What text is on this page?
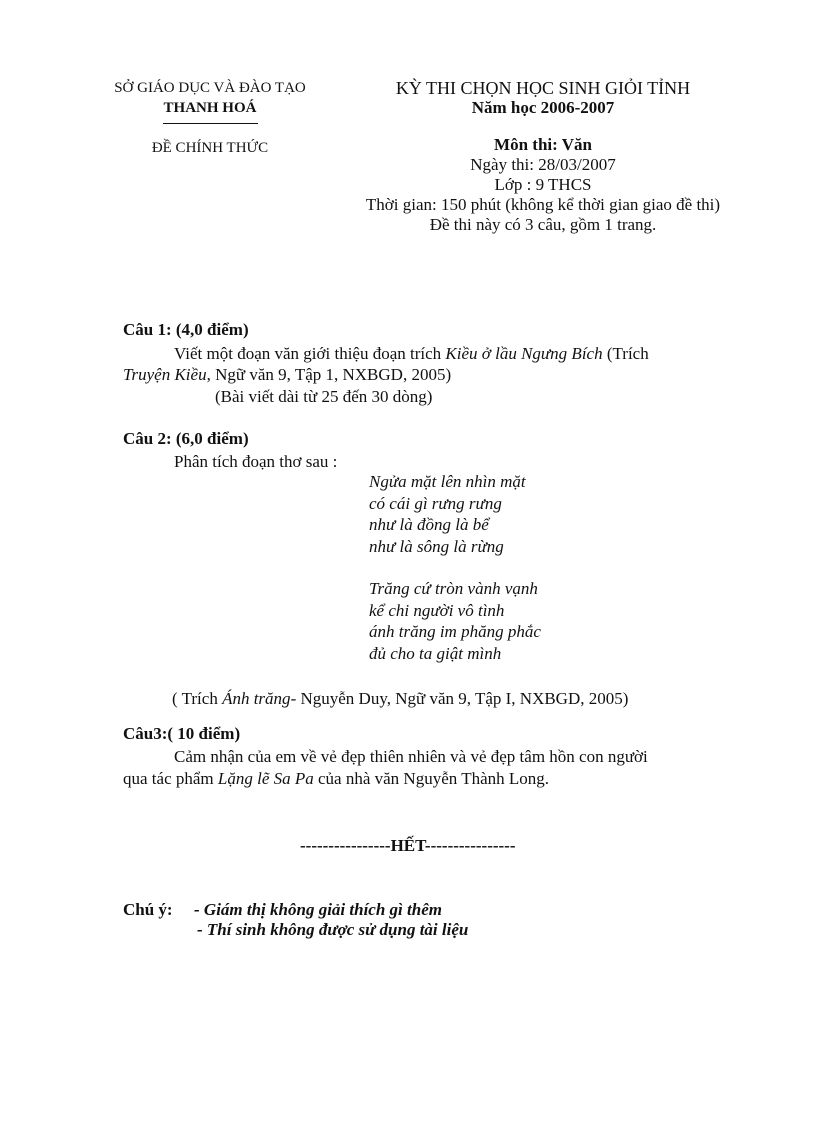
SỞ GIÁO DỤC VÀ ĐÀO TẠO
THANH HOÁ
ĐỀ CHÍNH THỨC
KỲ THI CHỌN HỌC SINH GIỎI TỈNH
Năm học 2006-2007
Môn thi: Văn
Ngày thi: 28/03/2007
Lớp : 9 THCS
Thời gian: 150 phút (không kể thời gian giao đề thi)
Đề thi này có 3 câu, gồm 1 trang.
Câu 1: (4,0 điểm)
Viết một đoạn văn giới thiệu đoạn trích Kiều ở lầu Ngưng Bích (Trích
Truyện Kiều, Ngữ văn 9, Tập 1, NXBGD, 2005)
(Bài viết dài từ 25 đến 30 dòng)
Câu 2: (6,0 điểm)
Phân tích đoạn thơ sau :
Ngửa mặt lên nhìn mặt
có cái gì rưng rưng
như là đồng là bể
như là sông là rừng
Trăng cứ tròn vành vạnh
kể chi người vô tình
ánh trăng im phăng phắc
đủ cho ta giật mình
( Trích Ánh trăng- Nguyễn Duy, Ngữ văn 9, Tập I, NXBGD, 2005)
Câu3:( 10 điểm)
Cảm nhận của em về vẻ đẹp thiên nhiên và vẻ đẹp tâm hồn con người
qua tác phẩm Lặng lẽ Sa Pa của nhà văn Nguyễn Thành Long.
----------------HẾT----------------
Chú ý: - Giám thị không giải thích gì thêm
- Thí sinh không được sử dụng tài liệu
